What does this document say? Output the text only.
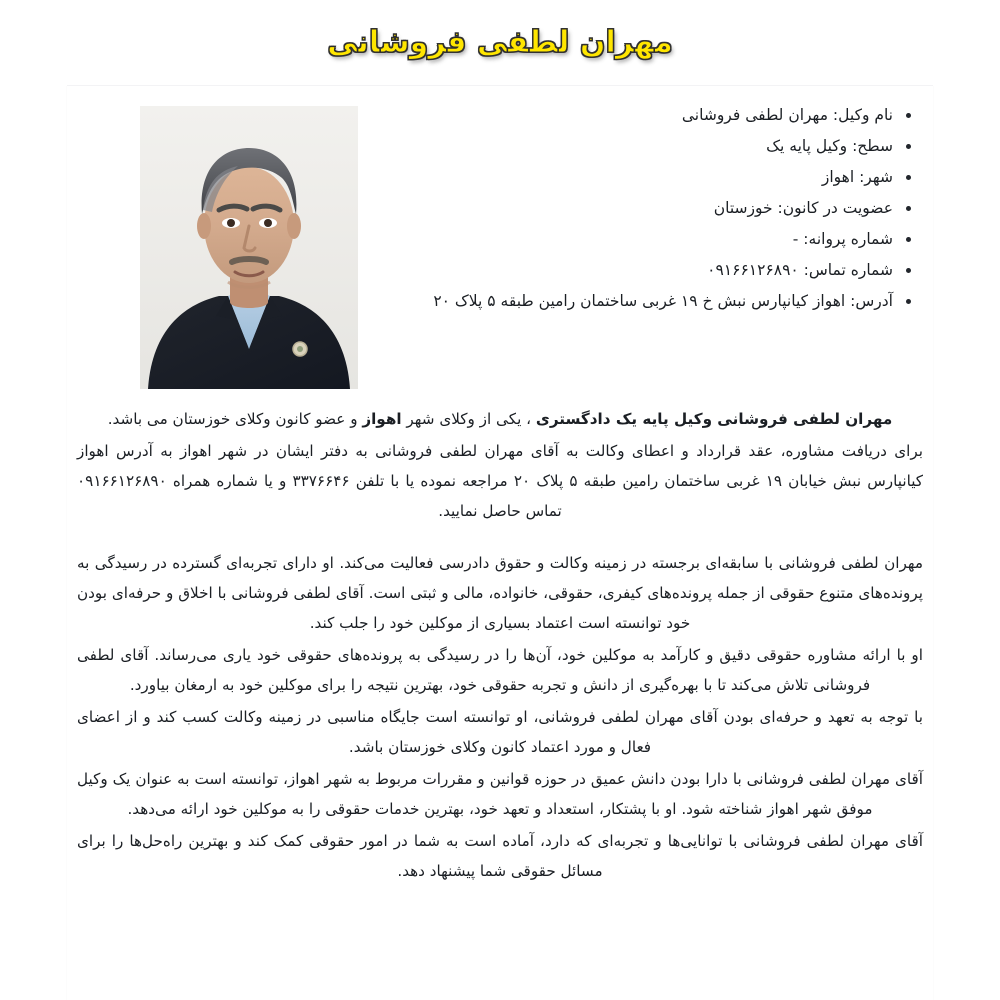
مهران لطفی فروشانی
نام وکیل: مهران لطفی فروشانی
سطح: وکیل پایه یک
شهر: اهواز
عضویت در کانون: خوزستان
شماره پروانه: -
شماره تماس: ۰۹۱۶۶۱۲۶۸۹۰
آدرس: اهواز کیانپارس نبش خ ۱۹ غربی ساختمان رامین طبقه ۵ پلاک ۲۰

مهران لطفی فروشانی وکیل پایه یک دادگستری ، یکی از وکلای شهر اهواز و عضو کانون وکلای خوزستان می باشد.

برای دریافت مشاوره، عقد قرارداد و اعطای وکالت به آقای مهران لطفی فروشانی به دفتر ایشان در شهر اهواز به آدرس اهواز کیانپارس نبش خیابان ۱۹ غربی ساختمان رامین طبقه ۵ پلاک ۲۰ مراجعه نموده یا با تلفن ۳۳۷۶۶۴۶ و یا شماره همراه ۰۹۱۶۶۱۲۶۸۹۰ تماس حاصل نمایید.

مهران لطفی فروشانی با سابقه‌ای برجسته در زمینه وکالت و حقوق دادرسی فعالیت می‌کند. او دارای تجربه‌ای گسترده در رسیدگی به پرونده‌های متنوع حقوقی از جمله پرونده‌های کیفری، حقوقی، خانواده، مالی و ثبتی است. آقای لطفی فروشانی با اخلاق و حرفه‌ای بودن خود توانسته است اعتماد بسیاری از موکلین خود را جلب کند.

او با ارائه مشاوره حقوقی دقیق و کارآمد به موکلین خود، آن‌ها را در رسیدگی به پرونده‌های حقوقی خود یاری می‌رساند. آقای لطفی فروشانی تلاش می‌کند تا با بهره‌گیری از دانش و تجربه حقوقی خود، بهترین نتیجه را برای موکلین خود به ارمغان بیاورد.

با توجه به تعهد و حرفه‌ای بودن آقای مهران لطفی فروشانی، او توانسته است جایگاه مناسبی در زمینه وکالت کسب کند و از اعضای فعال و مورد اعتماد کانون وکلای خوزستان باشد.

آقای مهران لطفی فروشانی با دارا بودن دانش عمیق در حوزه قوانین و مقررات مربوط به شهر اهواز، توانسته است به عنوان یک وکیل موفق شهر اهواز شناخته شود. او با پشتکار، استعداد و تعهد خود، بهترین خدمات حقوقی را به موکلین خود ارائه می‌دهد.

آقای مهران لطفی فروشانی با توانایی‌ها و تجربه‌ای که دارد، آماده است به شما در امور حقوقی کمک کند و بهترین راه‌حل‌ها را برای مسائل حقوقی شما پیشنهاد دهد.
